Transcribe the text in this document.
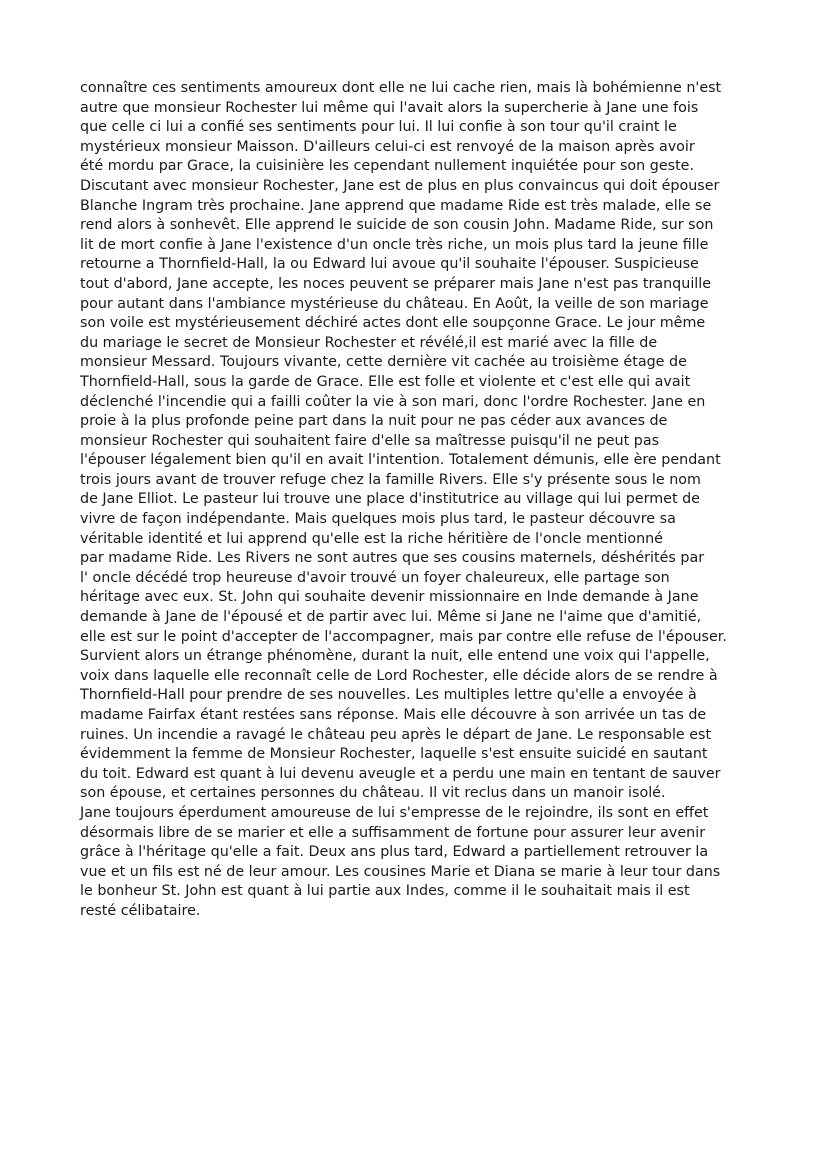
connaître ces sentiments amoureux dont elle ne lui cache rien, mais là bohémienne n'est
autre que monsieur Rochester lui même qui l'avait alors la supercherie à Jane une fois
que celle ci lui a confié ses sentiments pour lui. Il lui confie à son tour qu'il craint le
mystérieux monsieur Maisson. D'ailleurs celui-ci est renvoyé de la maison après avoir
été mordu par Grace, la cuisinière les cependant nullement inquiétée pour son geste.
Discutant avec monsieur Rochester, Jane est de plus en plus convaincus qui doit épouser
Blanche Ingram très prochaine. Jane apprend que madame Ride est très malade, elle se
rend alors à sonhevêt. Elle apprend le suicide de son cousin John. Madame Ride, sur son
lit de mort confie à Jane l'existence d'un oncle très riche, un mois plus tard la jeune fille
retourne a Thornfield-Hall, la ou Edward lui avoue qu'il souhaite l'épouser. Suspicieuse
tout d'abord, Jane accepte, les noces peuvent se préparer mais Jane n'est pas tranquille
pour autant dans l'ambiance mystérieuse du château. En Août, la veille de son mariage
son voile est mystérieusement déchiré actes dont elle soupçonne Grace. Le jour même
du mariage le secret de Monsieur Rochester et révélé,il est marié avec la fille de
monsieur Messard. Toujours vivante, cette dernière vit cachée au troisième étage de
Thornfield-Hall, sous la garde de Grace. Elle est folle et violente et c'est elle qui avait
déclenché l'incendie qui a failli coûter la vie à son mari, donc l'ordre Rochester. Jane en
proie à la plus profonde peine part dans la nuit pour ne pas céder aux avances de
monsieur Rochester qui souhaitent faire d'elle sa maîtresse puisqu'il ne peut pas
l'épouser légalement bien qu'il en avait l'intention. Totalement démunis, elle ère pendant
trois jours avant de trouver refuge chez la famille Rivers. Elle s'y présente sous le nom
de Jane Elliot. Le pasteur lui trouve une place d'institutrice au village qui lui permet de
vivre de façon indépendante. Mais quelques mois plus tard, le pasteur découvre sa
véritable identité et lui apprend qu'elle est la riche héritière de l'oncle mentionné
par madame Ride. Les Rivers ne sont autres que ses cousins maternels, déshérités par
l' oncle décédé trop heureuse d'avoir trouvé un foyer chaleureux, elle partage son
héritage avec eux. St. John qui souhaite devenir missionnaire en Inde demande à Jane
demande à Jane de l'épousé et de partir avec lui. Même si Jane ne l'aime que d'amitié,
elle est sur le point d'accepter de l'accompagner, mais par contre elle refuse de l'épouser.
Survient alors un étrange phénomène, durant la nuit, elle entend une voix qui l'appelle,
voix dans laquelle elle reconnaît celle de Lord Rochester, elle décide alors de se rendre à
Thornfield-Hall pour prendre de ses nouvelles. Les multiples lettre qu'elle a envoyée à
madame Fairfax étant restées sans réponse. Mais elle découvre à son arrivée un tas de
ruines. Un incendie a ravagé le château peu après le départ de Jane. Le responsable est
évidemment la femme de Monsieur Rochester, laquelle s'est ensuite suicidé en sautant
du toit. Edward est quant à lui devenu aveugle et a perdu une main en tentant de sauver
son épouse, et certaines personnes du château. Il vit reclus dans un manoir isolé.
Jane toujours éperdument amoureuse de lui s'empresse de le rejoindre, ils sont en effet
désormais libre de se marier et elle a suffisamment de fortune pour assurer leur avenir
grâce à l'héritage qu'elle a fait. Deux ans plus tard, Edward a partiellement retrouver la
vue et un fils est né de leur amour. Les cousines Marie et Diana se marie à leur tour dans
le bonheur St. John est quant à lui partie aux Indes, comme il le souhaitait mais il est
resté célibataire.
